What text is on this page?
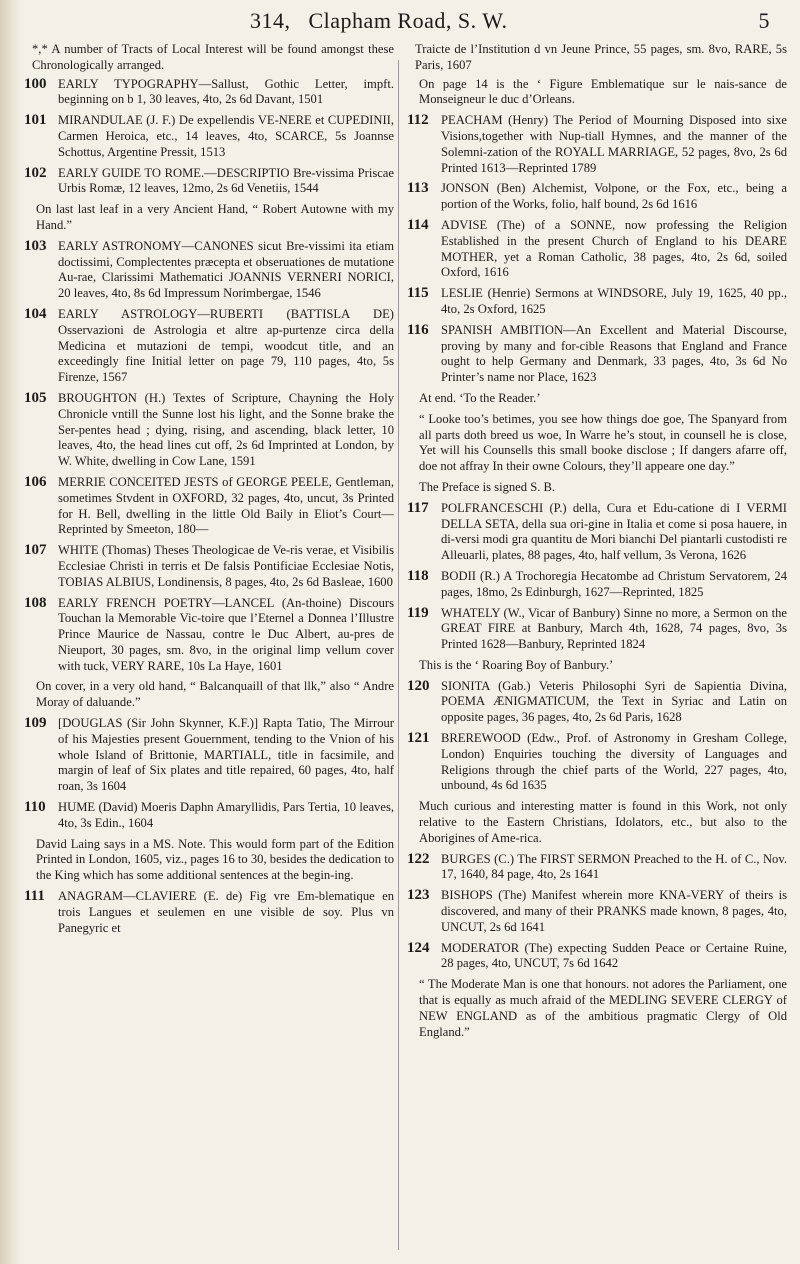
314, Clapham Road, S. W.	5

*,* A number of Tracts of Local Interest will be found amongst these Chronologically arranged.

100 EARLY TYPOGRAPHY—Sallust, Gothic Letter, impft. beginning on b 1, 30 leaves, 4to, 2s 6d Davant, 1501
101 MIRANDULAE (J. F.) De expellendis VE-NERE et CUPEDINII, Carmen Heroica, etc., 14 leaves, 4to, SCARCE, 5s Joannse Schottus, Argentine Pressit, 1513
102 EARLY GUIDE TO ROME.—DESCRIPTIO Bre-vissima Priscae Urbis Romæ, 12 leaves, 12mo, 2s 6d Venetiis, 1544

On last last leaf in a very Ancient Hand, “ Robert Autowne with my Hand.”

103 EARLY ASTRONOMY—CANONES sicut Bre-vissimi ita etiam doctissimi, Complectentes præcepta et obseruationes de mutatione Au-rae, Clarissimi Mathematici JOANNIS VERNERI NORICI, 20 leaves, 4to, 8s 6d Impressum Norimbergae, 1546
104 EARLY ASTROLOGY—RUBERTI (BATTISLA DE) Osservazioni de Astrologia et altre ap-purtenze circa della Medicina et mutazioni de tempi, woodcut title, and an exceedingly fine Initial letter on page 79, 110 pages, 4to, 5s Firenze, 1567
105 BROUGHTON (H.) Textes of Scripture, Chayning the Holy Chronicle vntill the Sunne lost his light, and the Sonne brake the Ser-pentes head ; dying, rising, and ascending, black letter, 10 leaves, 4to, the head lines cut off, 2s 6d Imprinted at London, by W. White, dwelling in Cow Lane, 1591
106 MERRIE CONCEITED JESTS of GEORGE PEELE, Gentleman, sometimes Stvdent in OXFORD, 32 pages, 4to, uncut, 3s Printed for H. Bell, dwelling in the little Old Baily in Eliot’s Court— Reprinted by Smeeton, 180—
107 WHITE (Thomas) Theses Theologicae de Ve-ris verae, et Visibilis Ecclesiae Christi in terris et De falsis Pontificiae Ecclesiae Notis, TOBIAS ALBIUS, Londinensis, 8 pages, 4to, 2s 6d Basleae, 1600
108 EARLY FRENCH POETRY—LANCEL (An-thoine) Discours Touchan la Memorable Vic-toire que l’Eternel a Donnea l’Illustre Prince Maurice de Nassau, contre le Duc Albert, au-pres de Nieuport, 30 pages, sm. 8vo, in the original limp vellum cover with tuck, VERY RARE, 10s La Haye, 1601

On cover, in a very old hand, “ Balcanquaill of that llk,” also “ Andre Moray of daluande.”

109 [DOUGLAS (Sir John Skynner, K.F.)] Rapta Tatio, The Mirrour of his Majesties present Gouernment, tending to the Vnion of his whole Island of Brittonie, MARTIALL, title in facsimile, and margin of leaf of Six plates and title repaired, 60 pages, 4to, half roan, 3s 1604
110 HUME (David) Moeris Daphn Amaryllidis, Pars Tertia, 10 leaves, 4to, 3s Edin., 1604

David Laing says in a MS. Note. This would form part of the Edition Printed in London, 1605, viz., pages 16 to 30, besides the dedication to the King which has some additional sentences at the begin-ing.

111	ANAGRAM—CLAVIERE (E. de) Fig vre Em-blematique en trois Langues et seulemen en une visible de soy. Plus vn Panegyric et

Traicte de l’Institution d vn Jeune Prince, 55 pages, sm. 8vo, RARE, 5s Paris, 1607

On page 14 is the ‘ Figure Emblematique sur le nais-sance de Monseigneur le duc d’Orleans.

112 PEACHAM (Henry) The Period of Mourning Disposed into sixe Visions,together with Nup-tiall Hymnes, and the manner of the Solemni-zation of the ROYALL MARRIAGE, 52 pages, 8vo, 2s 6d Printed 1613—Reprinted 1789
113 JONSON (Ben) Alchemist, Volpone, or the Fox, etc., being a portion of the Works, folio, half bound, 2s 6d 1616
114 ADVISE (The) of a SONNE, now professing the Religion Established in the present Church of England to his DEARE MOTHER, yet a Roman Catholic, 38 pages, 4to, 2s 6d, soiled Oxford, 1616
115 LESLIE (Henrie) Sermons at WINDSORE, July 19, 1625, 40 pp., 4to, 2s Oxford, 1625
116 SPANISH AMBITION—An Excellent and Material Discourse, proving by many and for-cible Reasons that England and France ought to help Germany and Denmark, 33 pages, 4to, 3s 6d No Printer’s name nor Place, 1623

At end. ‘To the Reader.’

“ Looke too’s betimes, you see how things doe goe, The Spanyard from all parts doth breed us woe, In Warre he’s stout, in counsell he is close, Yet will his Counsells this small booke disclose ; If dangers afarre off, doe not affray In their owne Colours, they’ll appeare one day.”

The Preface is signed S. B.

117 POLFRANCESCHI (P.) della, Cura et Edu-catione di I VERMI DELLA SETA, della sua ori-gine in Italia et come si posa hauere, in di-versi modi gra quantitu de Mori bianchi Del piantarli custodisti re Alleuarli, plates, 88 pages, 4to, half vellum, 3s Verona, 1626
118 BODII (R.) A Trochoregia Hecatombe ad Christum Servatorem, 24 pages, 18mo, 2s Edinburgh, 1627—Reprinted, 1825
119 WHATELY (W., Vicar of Banbury) Sinne no more, a Sermon on the GREAT FIRE at Banbury, March 4th, 1628, 74 pages, 8vo, 3s Printed 1628—Banbury, Reprinted 1824

This is the ‘ Roaring Boy of Banbury.’

120 SIONITA (Gab.) Veteris Philosophi Syri de Sapientia Divina, POEMA ÆNIGMATICUM, the Text in Syriac and Latin on opposite pages, 36 pages, 4to, 2s 6d Paris, 1628
121 BREREWOOD (Edw., Prof. of Astronomy in Gresham College, London) Enquiries touching the diversity of Languages and Religions through the chief parts of the World, 227 pages, 4to, unbound, 4s 6d 1635

Much curious and interesting matter is found in this Work, not only relative to the Eastern Christians, Idolators, etc., but also to the Aborigines of Ame-rica.

122 BURGES (C.) The FIRST SERMON Preached to the H. of C., Nov. 17, 1640, 84 page, 4to, 2s 1641
123 BISHOPS (The) Manifest wherein more KNA-VERY of theirs is discovered, and many of their PRANKS made known, 8 pages, 4to, UNCUT, 2s 6d 1641
124 MODERATOR (The) expecting Sudden Peace or Certaine Ruine, 28 pages, 4to, UNCUT, 7s 6d 1642

“ The Moderate Man is one that honours. not adores the Parliament, one that is equally as much afraid of the MEDLING SEVERE CLERGY of NEW ENGLAND as of the ambitious pragmatic Clergy of Old England.”
